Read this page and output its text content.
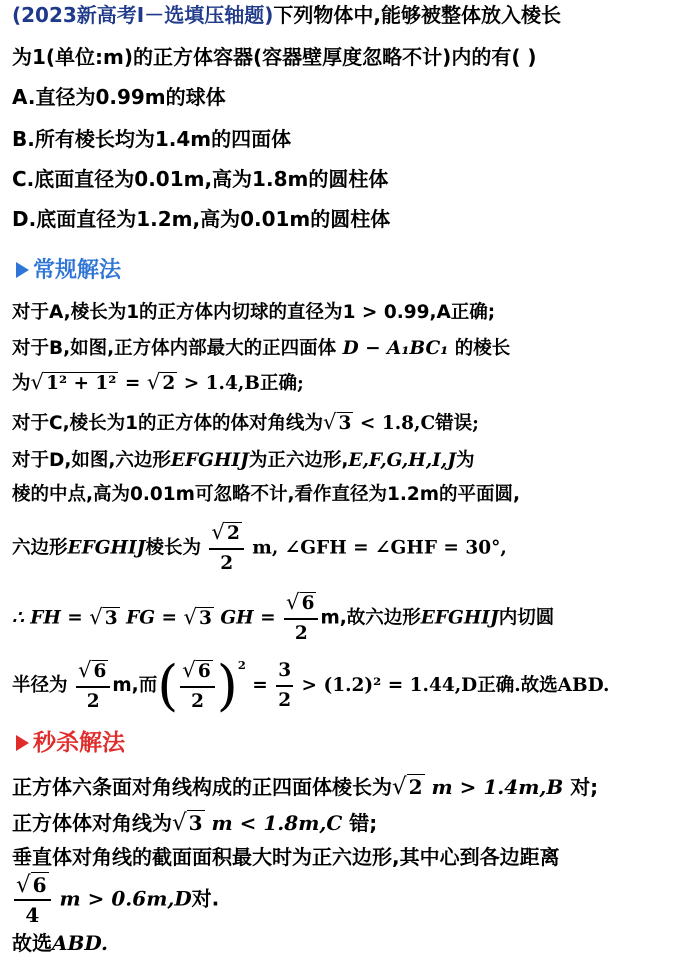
(2023新高考I－选填压轴题)下列物体中,能够被整体放入棱长
为1(单位:m)的正方体容器(容器壁厚度忽略不计)内的有( )
A.直径为0.99m的球体
B.所有棱长均为1.4m的四面体
C.底面直径为0.01m,高为1.8m的圆柱体
D.底面直径为1.2m,高为0.01m的圆柱体
常规解法
对于A,棱长为1的正方体内切球的直径为1 > 0.99,A正确;
对于B,如图,正方体内部最大的正四面体 D − A₁BC₁ 的棱长
为√ 1² + 1² = √ 2 > 1.4,B正确;
对于C,棱长为1的正方体的体对角线为√ 3 < 1.8,C错误;
对于D,如图,六边形EFGHIJ为正六边形,E,F,G,H,I,J为
棱的中点,高为0.01m可忽略不计,看作直径为1.2m的平面圆,
六边形EFGHIJ棱长为 $\frac{√ 2}{2} m$, ∠GFH = ∠GHF = 30°,
∴ FH = √ 3 FG = √ 3 GH = $\frac{√ 6}{2} m$,故六边形EFGHIJ内切圆
半径为 $\frac{√ 6}{2} m$,而( $\frac{√ 6}{2} )^2 = \frac{3}{2} > (1.2)^2 = 1.44,D$正确.故选ABD.
秒杀解法
正方体六条面对角线构成的正四面体棱长为√ 2 m > 1.4m,B 对;
正方体体对角线为√ 3 m < 1.8m,C 错;
垂直体对角线的截面面积最大时为正六边形,其中心到各边距离
$\frac{√ 6}{4}$ m > 0.6m,D对.
故选ABD.
